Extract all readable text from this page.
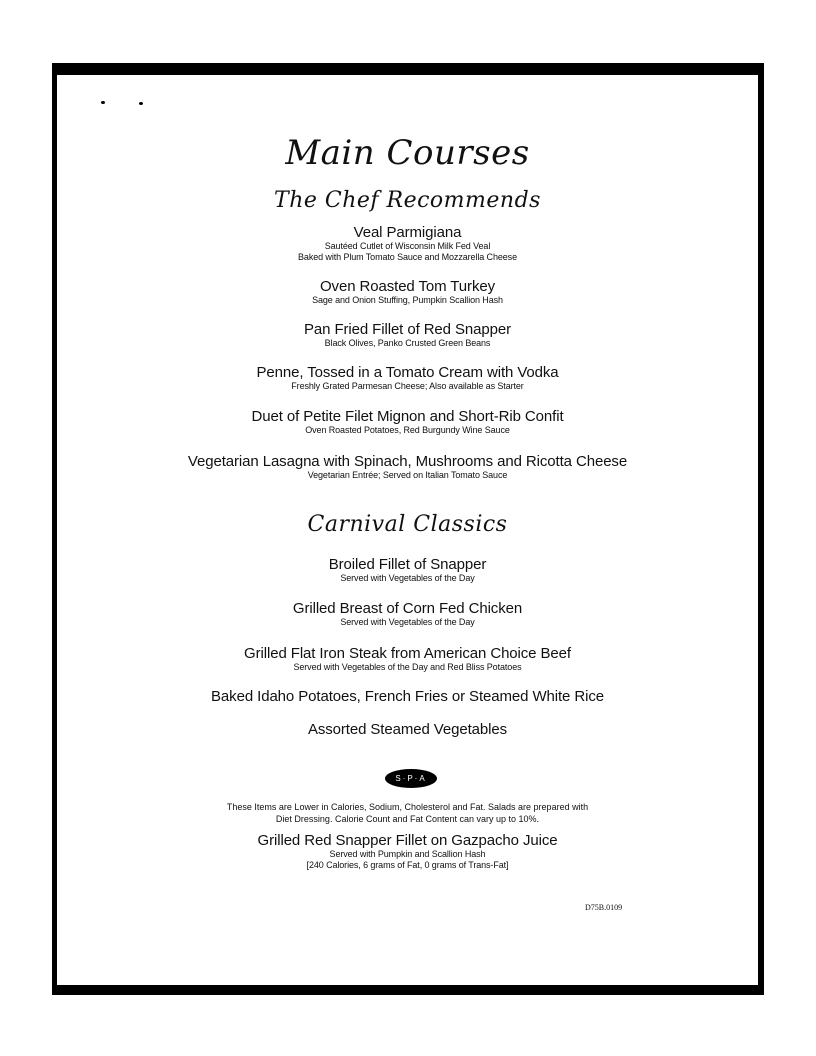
Main Courses
The Chef Recommends
Veal Parmigiana
Sautéed Cutlet of Wisconsin Milk Fed Veal
Baked with Plum Tomato Sauce and Mozzarella Cheese
Oven Roasted Tom Turkey
Sage and Onion Stuffing, Pumpkin Scallion Hash
Pan Fried Fillet of Red Snapper
Black Olives, Panko Crusted Green Beans
Penne, Tossed in a Tomato Cream with Vodka
Freshly Grated Parmesan Cheese; Also available as Starter
Duet of Petite Filet Mignon and Short-Rib Confit
Oven Roasted Potatoes, Red Burgundy Wine Sauce
Vegetarian Lasagna with Spinach, Mushrooms and Ricotta Cheese
Vegetarian Entrée; Served on Italian Tomato Sauce
Carnival Classics
Broiled Fillet of Snapper
Served with Vegetables of the Day
Grilled Breast of Corn Fed Chicken
Served with Vegetables of the Day
Grilled Flat Iron Steak from American Choice Beef
Served with Vegetables of the Day and Red Bliss Potatoes
Baked Idaho Potatoes, French Fries or Steamed White Rice
Assorted Steamed Vegetables
S·P·A
These Items are Lower in Calories, Sodium, Cholesterol and Fat. Salads are prepared with
Diet Dressing. Calorie Count and Fat Content can vary up to 10%.
Grilled Red Snapper Fillet on Gazpacho Juice
Served with Pumpkin and Scallion Hash
[240 Calories, 6 grams of Fat, 0 grams of Trans-Fat]
D75B.0109
